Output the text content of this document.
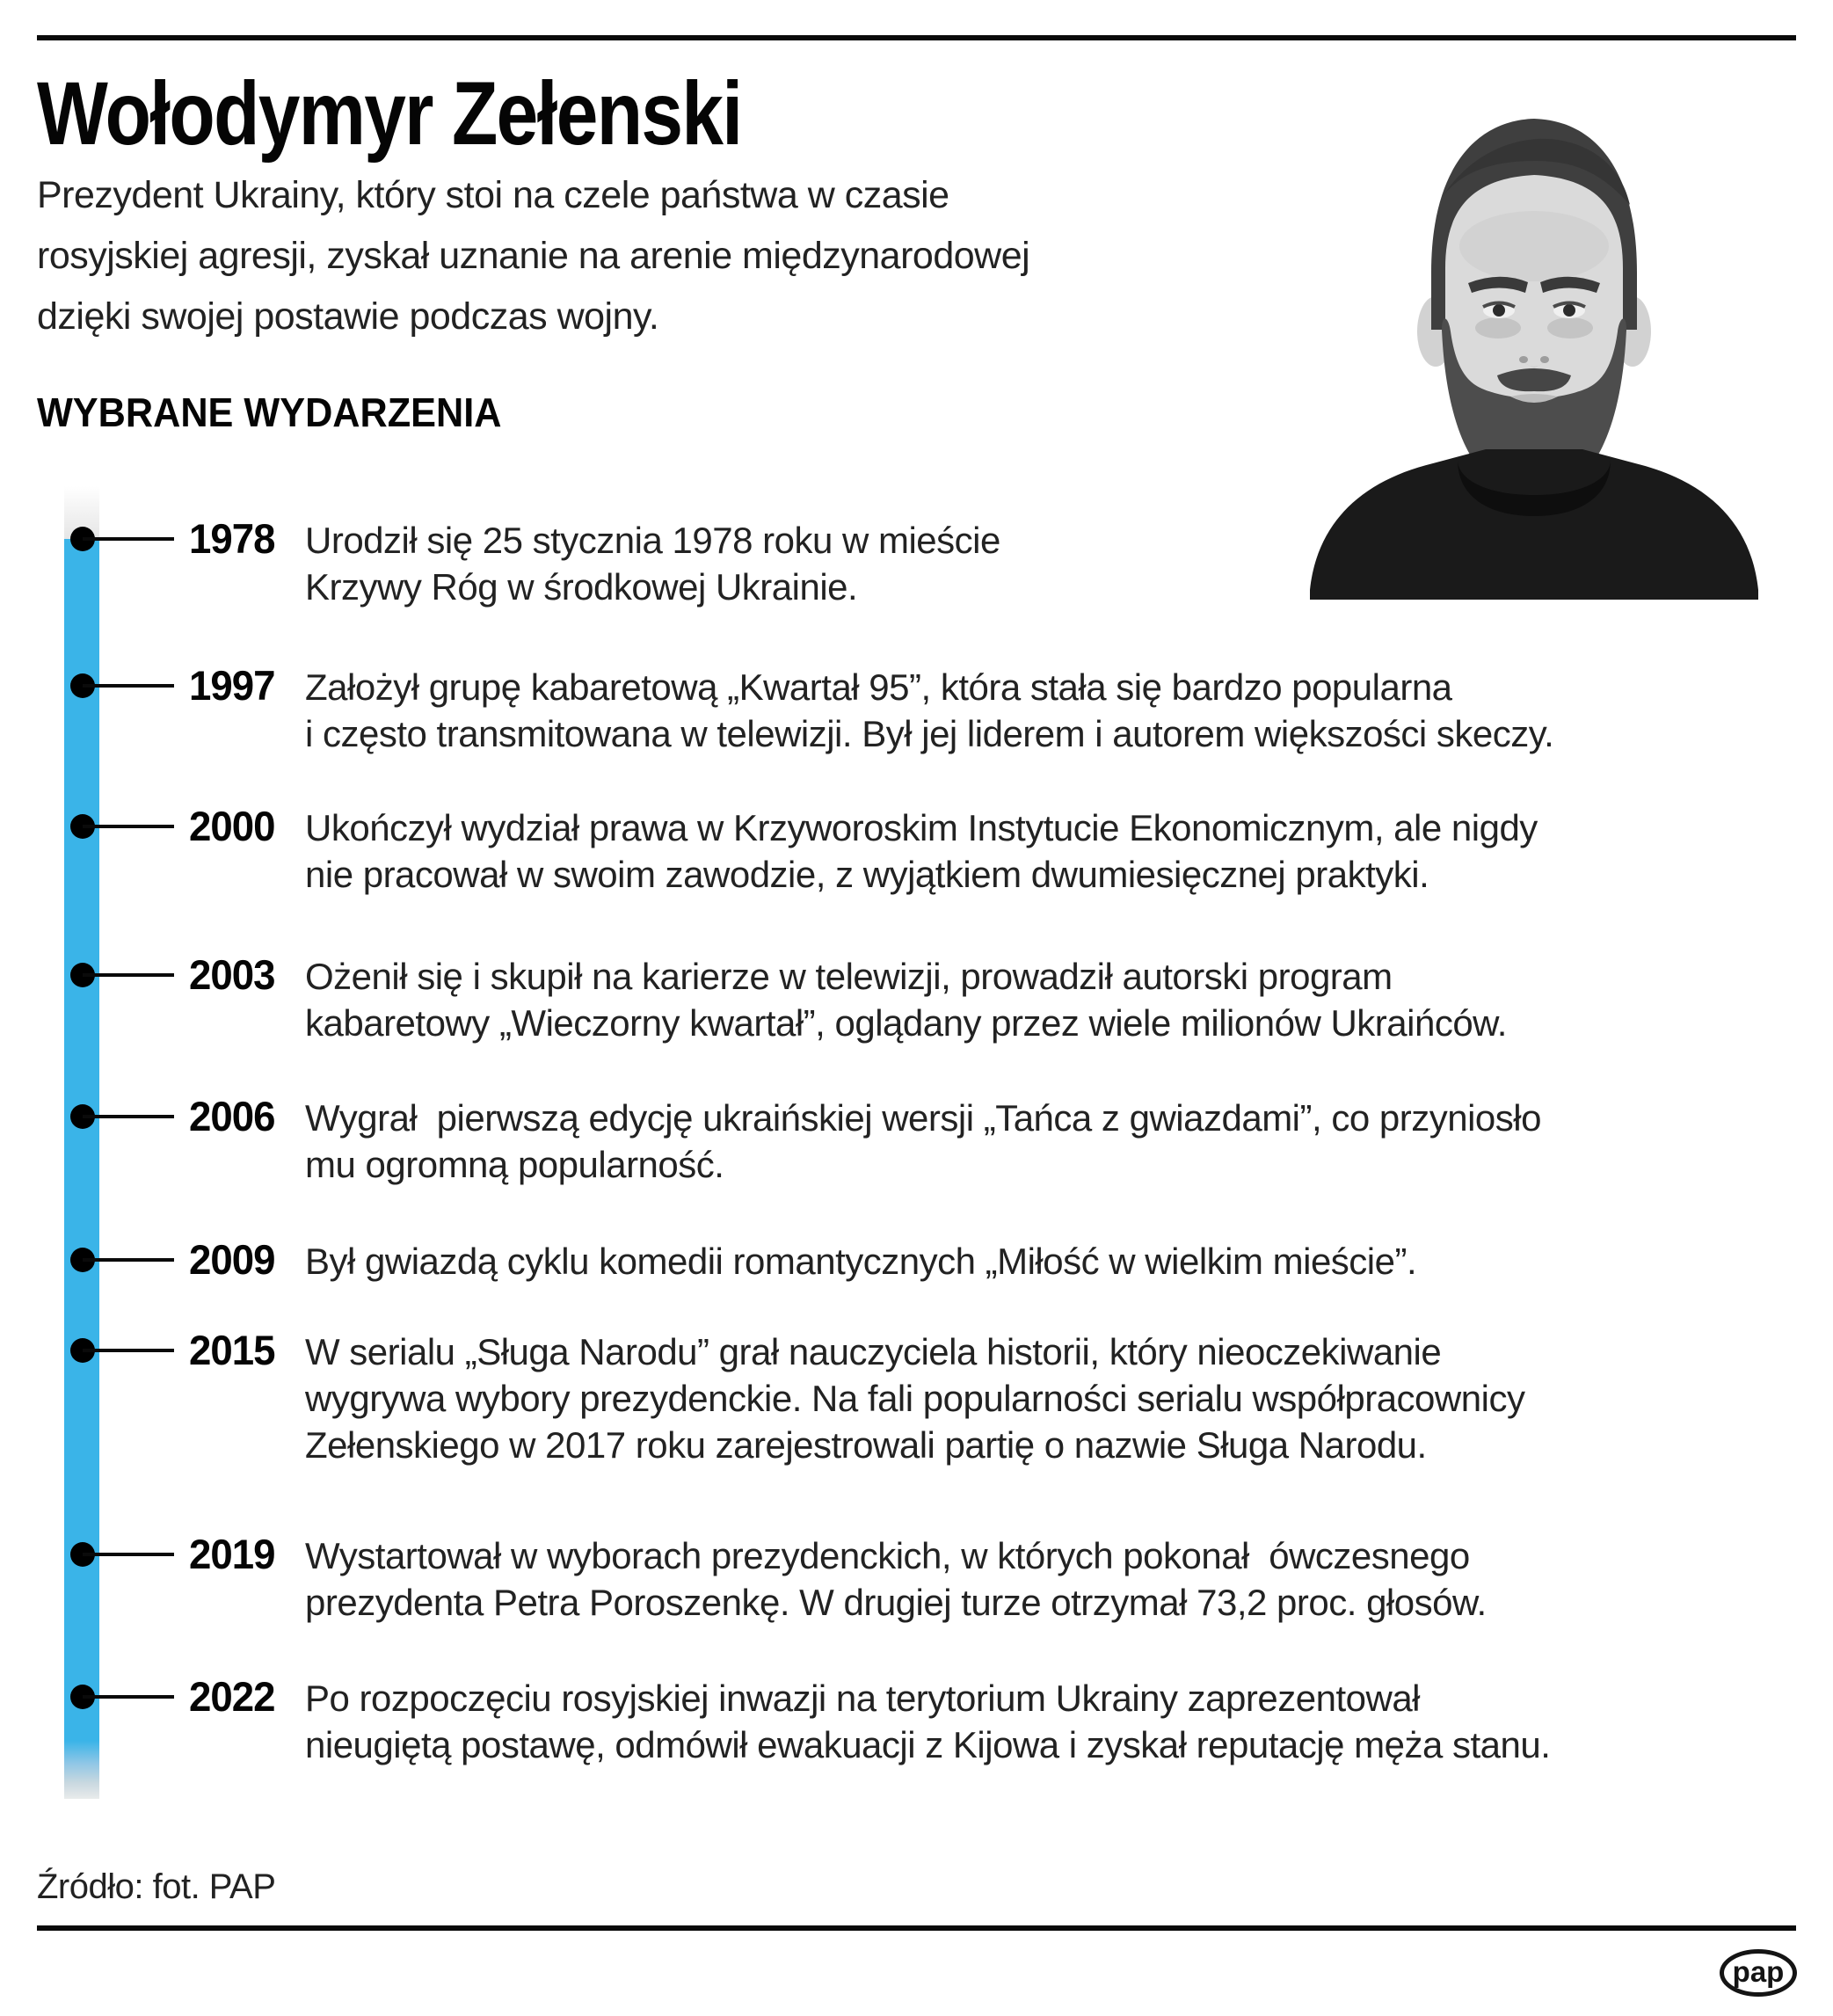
Wołodymyr Zełenski
Prezydent Ukrainy, który stoi na czele państwa w czasie
rosyjskiej agresji, zyskał uznanie na arenie międzynarodowej
dzięki swojej postawie podczas wojny.
WYBRANE WYDARZENIA
1978 Urodził się 25 stycznia 1978 roku w mieście
Krzywy Róg w środkowej Ukrainie.
1997 Założył grupę kabaretową „Kwartał 95”, która stała się bardzo popularna
i często transmitowana w telewizji. Był jej liderem i autorem większości skeczy.
2000 Ukończył wydział prawa w Krzyworoskim Instytucie Ekonomicznym, ale nigdy
nie pracował w swoim zawodzie, z wyjątkiem dwumiesięcznej praktyki.
2003 Ożenił się i skupił na karierze w telewizji, prowadził autorski program
kabaretowy „Wieczorny kwartał”, oglądany przez wiele milionów Ukraińców.
2006 Wygrał  pierwszą edycję ukraińskiej wersji „Tańca z gwiazdami”, co przyniosło
mu ogromną popularność.
2009 Był gwiazdą cyklu komedii romantycznych „Miłość w wielkim mieście”.
2015 W serialu „Sługa Narodu” grał nauczyciela historii, który nieoczekiwanie
wygrywa wybory prezydenckie. Na fali popularności serialu współpracownicy
Zełenskiego w 2017 roku zarejestrowali partię o nazwie Sługa Narodu.
2019 Wystartował w wyborach prezydenckich, w których pokonał  ówczesnego
prezydenta Petra Poroszenkę. W drugiej turze otrzymał 73,2 proc. głosów.
2022 Po rozpoczęciu rosyjskiej inwazji na terytorium Ukrainy zaprezentował
nieugiętą postawę, odmówił ewakuacji z Kijowa i zyskał reputację męża stanu.
Źródło: fot. PAP
pap
